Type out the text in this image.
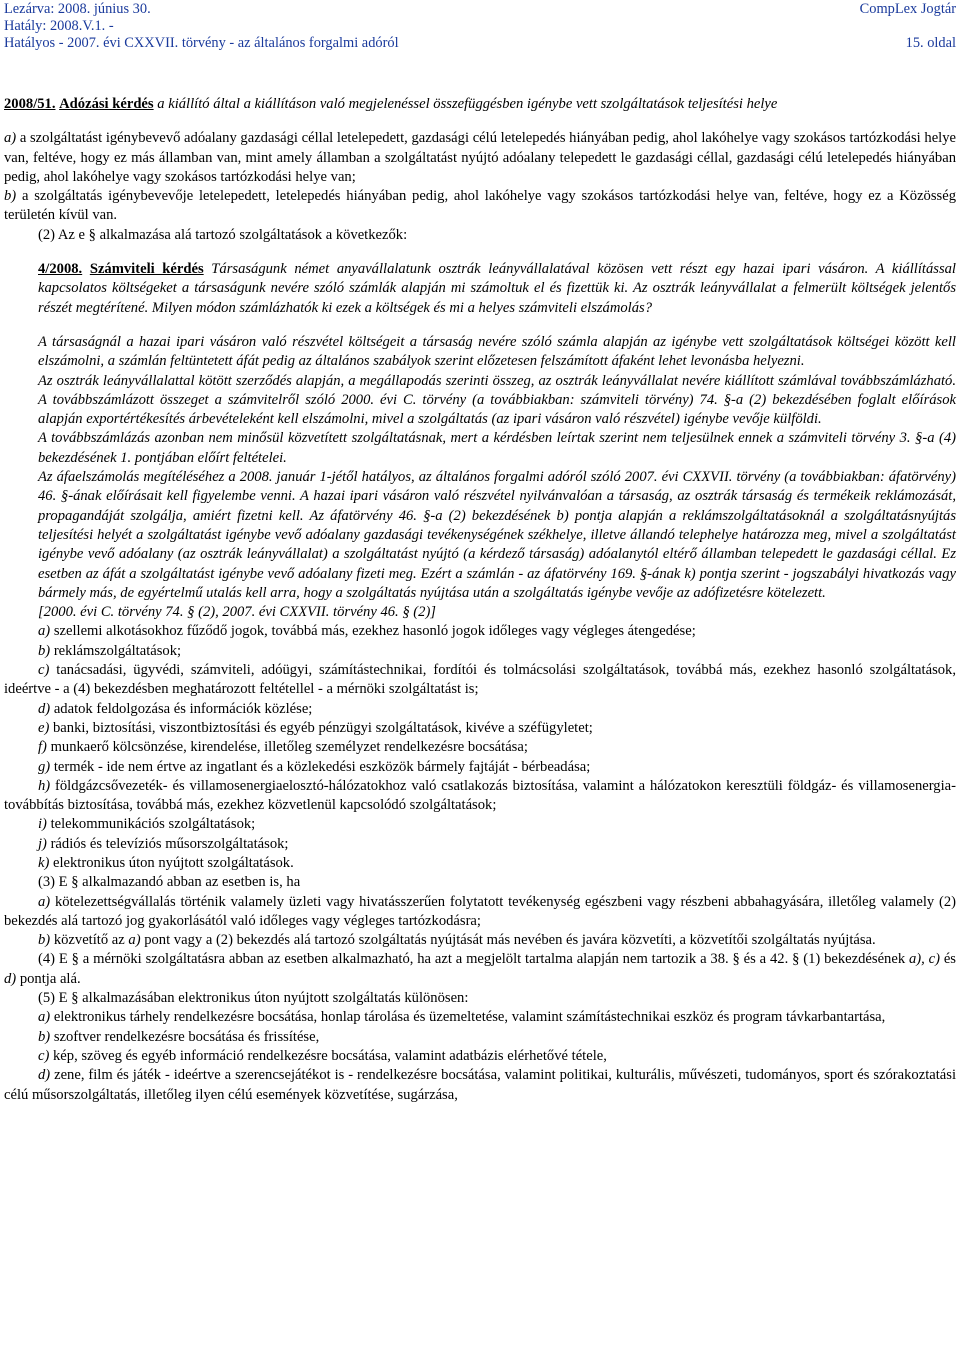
Lezárva: 2008. június 30.
Hatály: 2008.V.1. -
Hatályos - 2007. évi CXXVII. törvény - az általános forgalmi adóról
CompLex Jogtár
15. oldal

2008/51. Adózási kérdés a kiállító által a kiállításon való megjelenéssel összefüggésben igénybe vett szolgáltatások teljesítési helye

a) a szolgáltatást igénybevevő adóalany gazdasági céllal letelepedett, gazdasági célú letelepedés hiányában pedig, ahol lakóhelye vagy szokásos tartózkodási helye van, feltéve, hogy ez más államban van, mint amely államban a szolgáltatást nyújtó adóalany telepedett le gazdasági céllal, gazdasági célú letelepedés hiányában pedig, ahol lakóhelye vagy szokásos tartózkodási helye van;

b) a szolgáltatás igénybevevője letelepedett, letelepedés hiányában pedig, ahol lakóhelye vagy szokásos tartózkodási helye van, feltéve, hogy ez a Közösség területén kívül van.

(2) Az e § alkalmazása alá tartozó szolgáltatások a következők:

4/2008. Számviteli kérdés Társaságunk német anyavállalatunk osztrák leányvállalatával közösen vett részt egy hazai ipari vásáron. A kiállítással kapcsolatos költségeket a társaságunk nevére szóló számlák alapján mi számoltuk el és fizettük ki. Az osztrák leányvállalat a felmerült költségek jelentős részét megtérítené. Milyen módon számlázhatók ki ezek a költségek és mi a helyes számviteli elszámolás?

A társaságnál a hazai ipari vásáron való részvétel költségeit a társaság nevére szóló számla alapján az igénybe vett szolgáltatások költségei között kell elszámolni, a számlán feltüntetett áfát pedig az általános szabályok szerint előzetesen felszámított áfaként lehet levonásba helyezni.

Az osztrák leányvállalattal kötött szerződés alapján, a megállapodás szerinti összeg, az osztrák leányvállalat nevére kiállított számlával továbbszámlázható. A továbbszámlázott összeget a számvitelről szóló 2000. évi C. törvény (a továbbiakban: számviteli törvény) 74. §-a (2) bekezdésében foglalt előírások alapján exportértékesítés árbevételeként kell elszámolni, mivel a szolgáltatás (az ipari vásáron való részvétel) igénybe vevője külföldi.

A továbbszámlázás azonban nem minősül közvetített szolgáltatásnak, mert a kérdésben leírtak szerint nem teljesülnek ennek a számviteli törvény 3. §-a (4) bekezdésének 1. pontjában előírt feltételei.

Az áfaelszámolás megítéléséhez a 2008. január 1-jétől hatályos, az általános forgalmi adóról szóló 2007. évi CXXVII. törvény (a továbbiakban: áfatörvény) 46. §-ának előírásait kell figyelembe venni. A hazai ipari vásáron való részvétel nyilvánvalóan a társaság, az osztrák társaság és termékeik reklámozását, propagandáját szolgálja, amiért fizetni kell. Az áfatörvény 46. §-a (2) bekezdésének b) pontja alapján a reklámszolgáltatásoknál a szolgáltatásnyújtás teljesítési helyét a szolgáltatást igénybe vevő adóalany gazdasági tevékenységének székhelye, illetve állandó telephelye határozza meg, mivel a szolgáltatást igénybe vevő adóalany (az osztrák leányvállalat) a szolgáltatást nyújtó (a kérdező társaság) adóalanytól eltérő államban telepedett le gazdasági céllal. Ez esetben az áfát a szolgáltatást igénybe vevő adóalany fizeti meg. Ezért a számlán - az áfatörvény 169. §-ának k) pontja szerint - jogszabályi hivatkozás vagy bármely más, de egyértelmű utalás kell arra, hogy a szolgáltatás nyújtása után a szolgáltatás igénybe vevője az adófizetésre kötelezett.

[2000. évi C. törvény 74. § (2), 2007. évi CXXVII. törvény 46. § (2)]

a) szellemi alkotásokhoz fűződő jogok, továbbá más, ezekhez hasonló jogok időleges vagy végleges átengedése;

b) reklámszolgáltatások;

c) tanácsadási, ügyvédi, számviteli, adóügyi, számítástechnikai, fordítói és tolmácsolási szolgáltatások, továbbá más, ezekhez hasonló szolgáltatások, ideértve - a (4) bekezdésben meghatározott feltétellel - a mérnöki szolgáltatást is;

d) adatok feldolgozása és információk közlése;

e) banki, biztosítási, viszontbiztosítási és egyéb pénzügyi szolgáltatások, kivéve a széfügyletet;

f) munkaerő kölcsönzése, kirendelése, illetőleg személyzet rendelkezésre bocsátása;

g) termék - ide nem értve az ingatlant és a közlekedési eszközök bármely fajtáját - bérbeadása;

h) földgázcsővezeték- és villamosenergiaelosztó-hálózatokhoz való csatlakozás biztosítása, valamint a hálózatokon keresztüli földgáz- és villamosenergia-továbbítás biztosítása, továbbá más, ezekhez közvetlenül kapcsolódó szolgáltatások;

i) telekommunikációs szolgáltatások;

j) rádiós és televíziós műsorszolgáltatások;

k) elektronikus úton nyújtott szolgáltatások.

(3) E § alkalmazandó abban az esetben is, ha

a) kötelezettségvállalás történik valamely üzleti vagy hivatásszerűen folytatott tevékenység egészbeni vagy részbeni abbahagyására, illetőleg valamely (2) bekezdés alá tartozó jog gyakorlásától való időleges vagy végleges tartózkodásra;

b) közvetítő az a) pont vagy a (2) bekezdés alá tartozó szolgáltatás nyújtását más nevében és javára közvetíti, a közvetítői szolgáltatás nyújtása.

(4) E § a mérnöki szolgáltatásra abban az esetben alkalmazható, ha azt a megjelölt tartalma alapján nem tartozik a 38. § és a 42. § (1) bekezdésének a), c) és d) pontja alá.

(5) E § alkalmazásában elektronikus úton nyújtott szolgáltatás különösen:

a) elektronikus tárhely rendelkezésre bocsátása, honlap tárolása és üzemeltetése, valamint számítástechnikai eszköz és program távkarbantartása,

b) szoftver rendelkezésre bocsátása és frissítése,

c) kép, szöveg és egyéb információ rendelkezésre bocsátása, valamint adatbázis elérhetővé tétele,

d) zene, film és játék - ideértve a szerencsejátékot is - rendelkezésre bocsátása, valamint politikai, kulturális, művészeti, tudományos, sport és szórakoztatási célú műsorszolgáltatás, illetőleg ilyen célú események közvetítése, sugárzása,
